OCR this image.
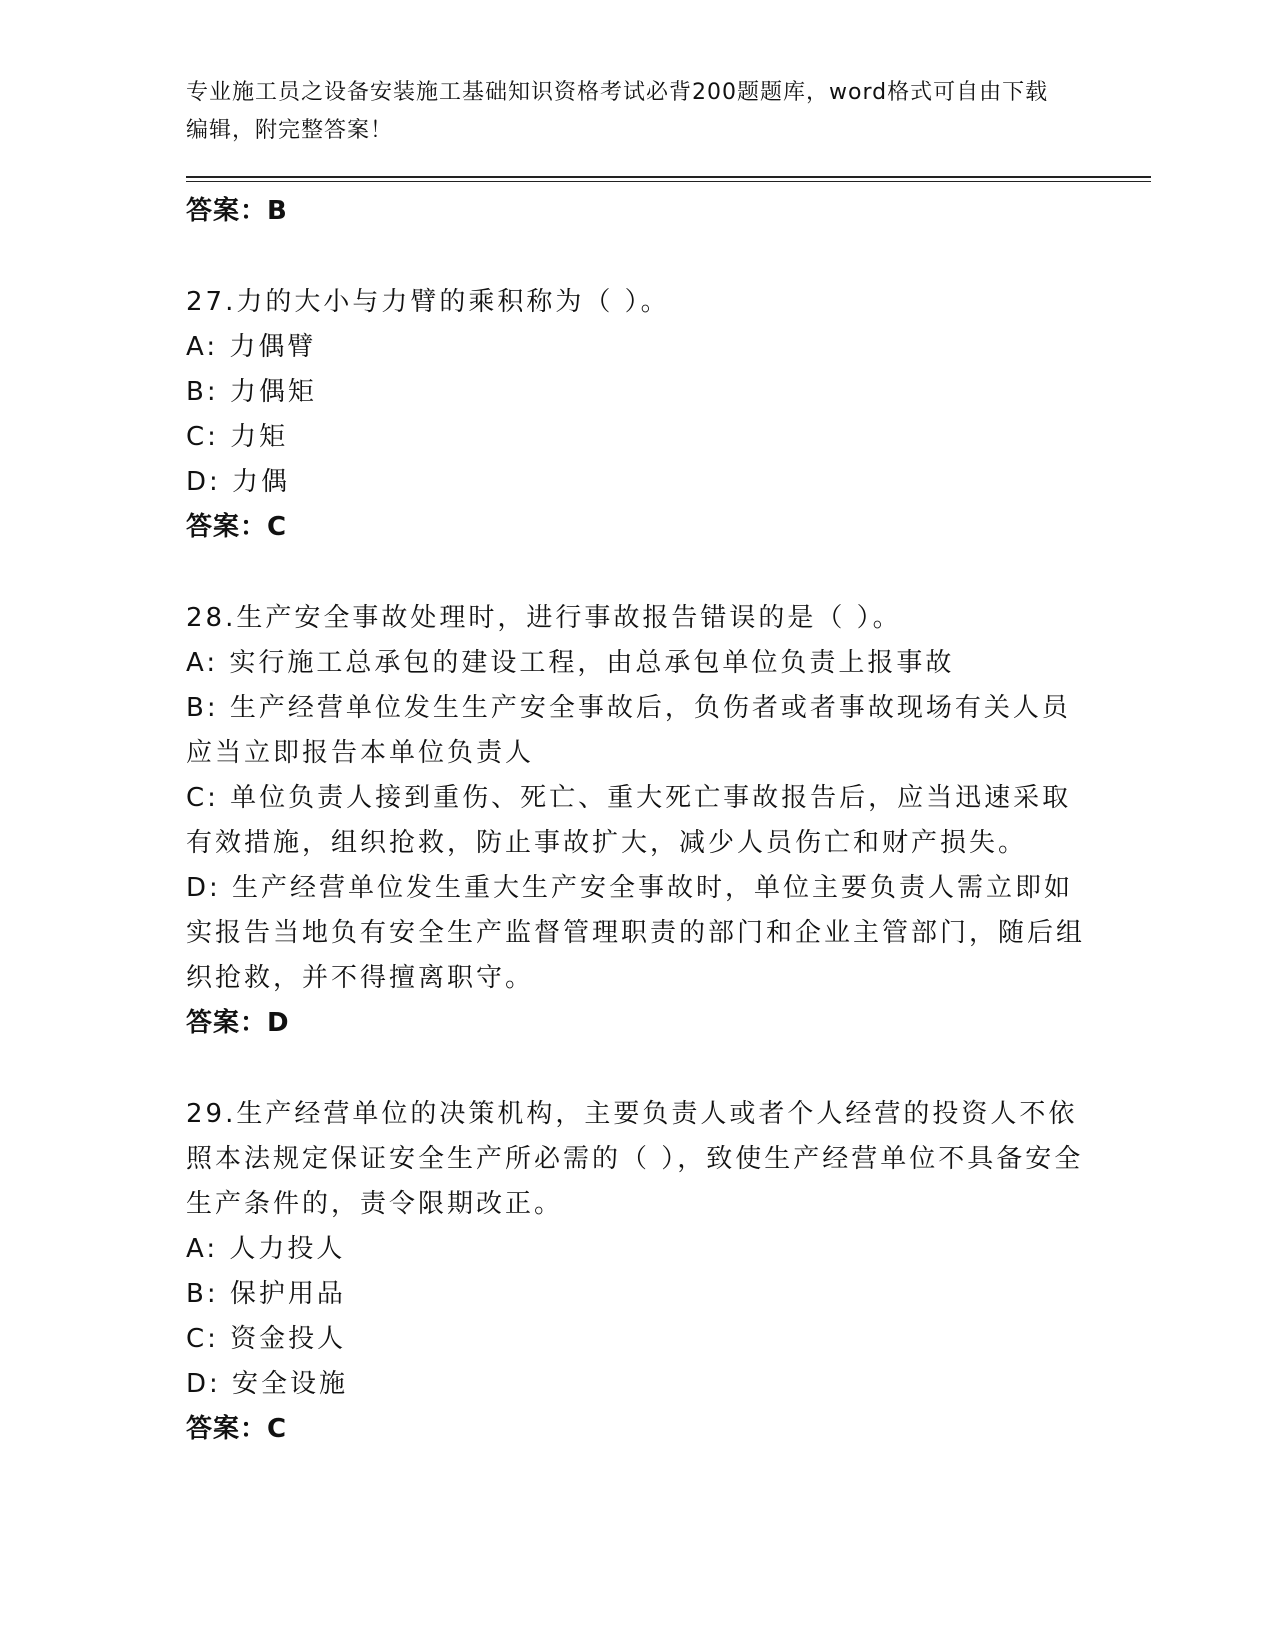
专业施工员之设备安装施工基础知识资格考试必背200题题库，word格式可自由下载编辑，附完整答案！
答案：B
27.力的大小与力臂的乘积称为（ ）。
A: 力偶臂
B: 力偶矩
C: 力矩
D: 力偶
答案：C
28.生产安全事故处理时，进行事故报告错误的是（ ）。
A: 实行施工总承包的建设工程，由总承包单位负责上报事故
B: 生产经营单位发生生产安全事故后，负伤者或者事故现场有关人员应当立即报告本单位负责人
C: 单位负责人接到重伤、死亡、重大死亡事故报告后，应当迅速采取有效措施，组织抢救，防止事故扩大，减少人员伤亡和财产损失。
D: 生产经营单位发生重大生产安全事故时，单位主要负责人需立即如实报告当地负有安全生产监督管理职责的部门和企业主管部门，随后组织抢救，并不得擅离职守。
答案：D
29.生产经营单位的决策机构，主要负责人或者个人经营的投资人不依照本法规定保证安全生产所必需的（ ），致使生产经营单位不具备安全生产条件的，责令限期改正。
A: 人力投人
B: 保护用品
C: 资金投人
D: 安全设施
答案：C
